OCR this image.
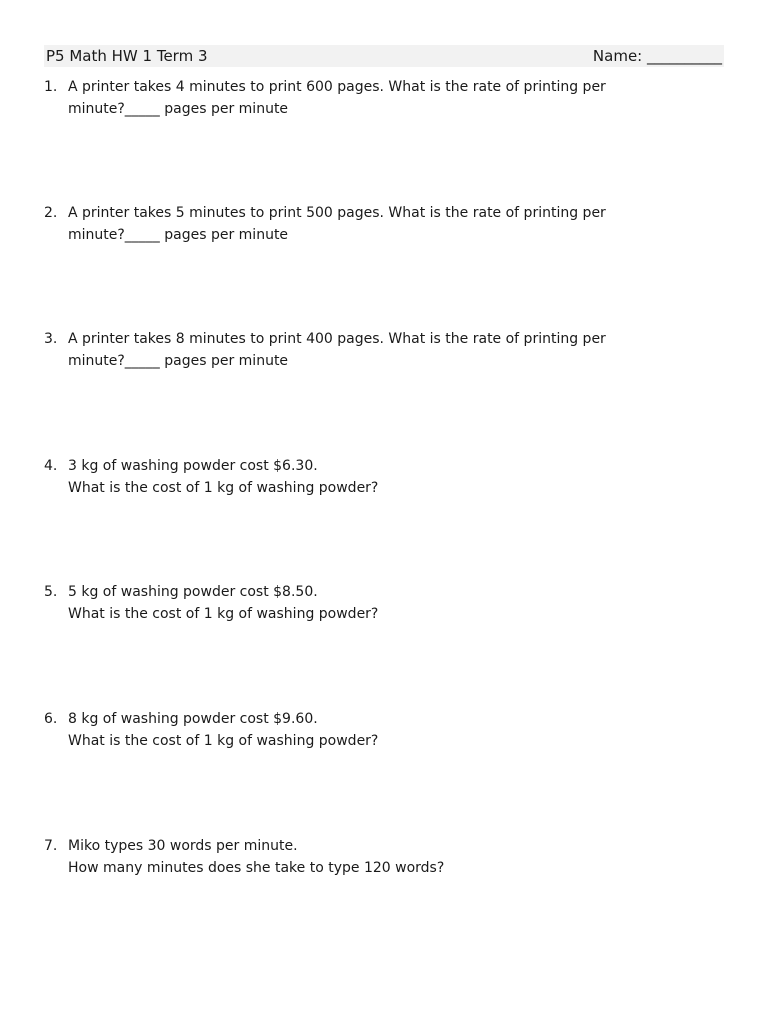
P5 Math HW 1 Term 3	Name: __________
1. A printer takes 4 minutes to print 600 pages. What is the rate of printing per
minute?_____ pages per minute
2. A printer takes 5 minutes to print 500 pages. What is the rate of printing per
minute?_____ pages per minute
3. A printer takes 8 minutes to print 400 pages. What is the rate of printing per
minute?_____ pages per minute
4. 3 kg of washing powder cost $6.30.
What is the cost of 1 kg of washing powder?
5. 5 kg of washing powder cost $8.50.
What is the cost of 1 kg of washing powder?
6. 8 kg of washing powder cost $9.60.
What is the cost of 1 kg of washing powder?
7. Miko types 30 words per minute.
How many minutes does she take to type 120 words?
